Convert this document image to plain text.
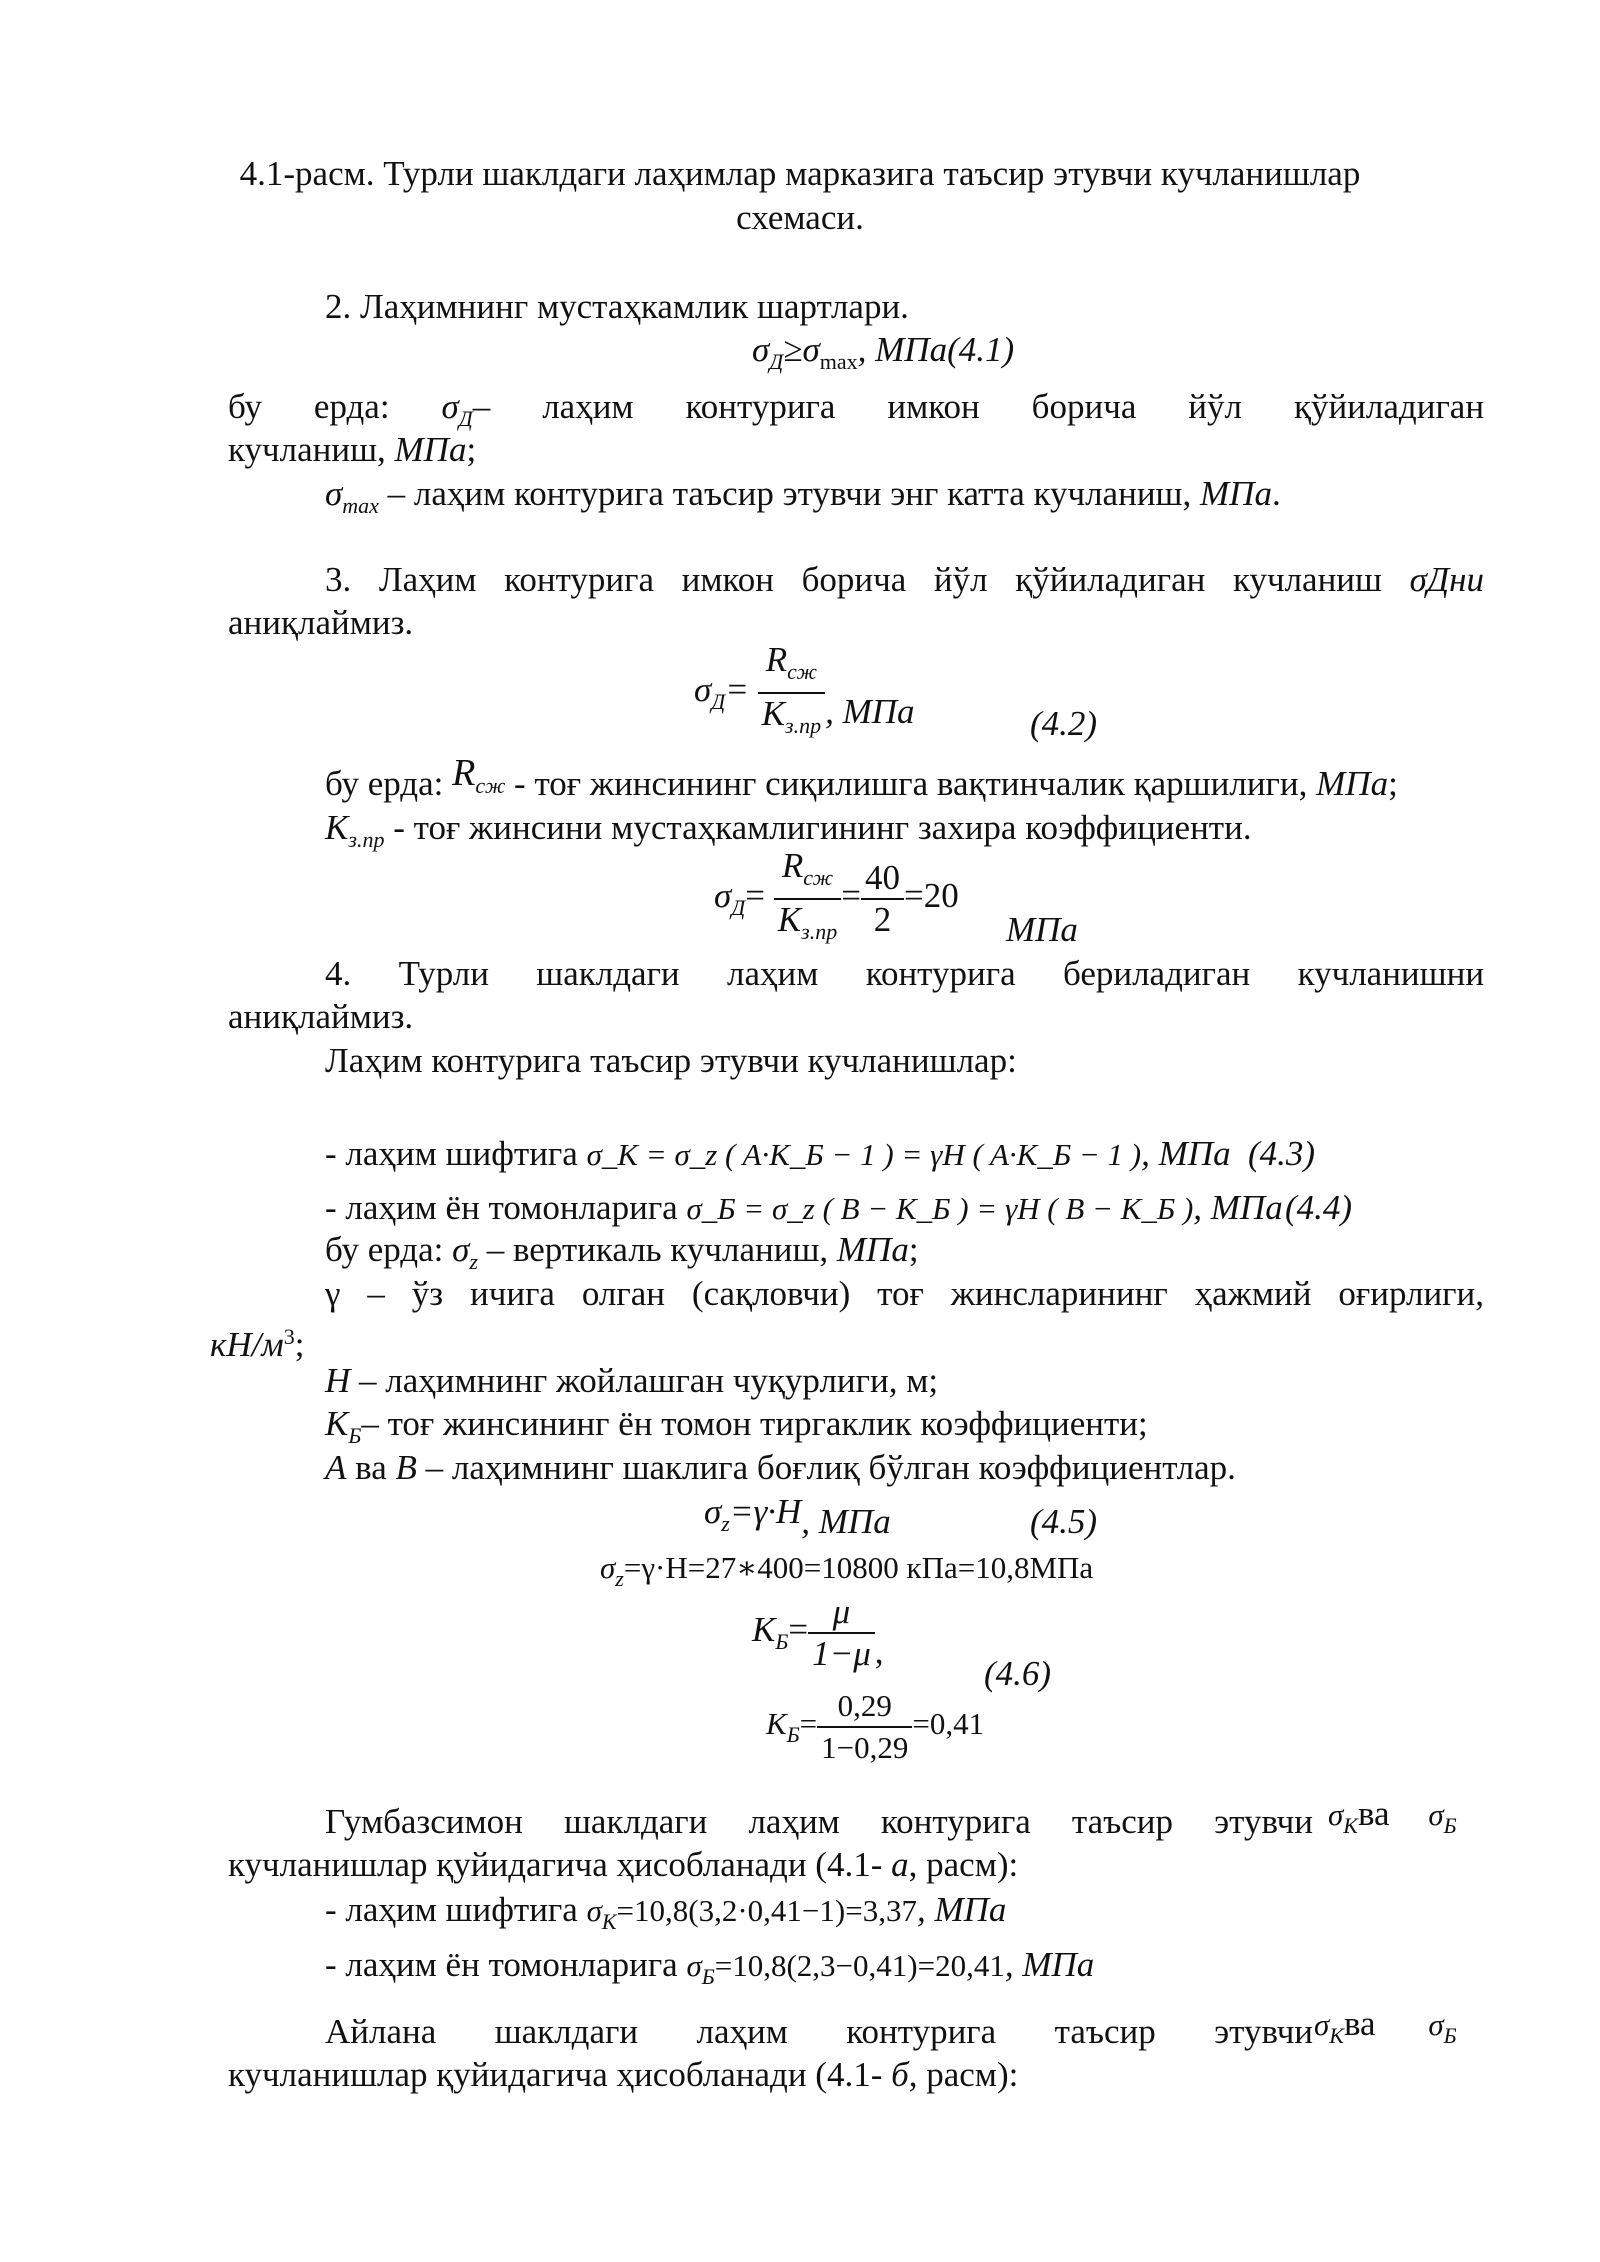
4.1-расм. Турли шаклдаги лаҳимлар марказига таъсир этувчи кучланишлар
схемаси.
2. Лаҳимнинг мустаҳкамлик шартлари.
$\sigma_Д\ge\sigma_{max}$, МПа(4.1)
бу ерда: $\sigma_Д-$ лаҳим контурига имкон борича йўл қўйиладиган
кучланиш, МПа;
$\sigma_{max}$ – лаҳим контурига таъсир этувчи энг катта кучланиш, МПа.
3. Лаҳим контурига имкон борича йўл қўйиладиган кучланиш σДни
аниқлаймиз.
$\sigma_Д= \frac{R_{сж}}{K_{з.пр}}$ , МПа	(4.2)
бу ерда: $R_{сж}$ - тоғ жинсининг сиқилишга вақтинчалик қаршилиги, МПа;
$K_{з.пр}$ - тоғ жинсини мустаҳкамлигининг захира коэффициенти.
$\sigma_Д= \frac{R_{сж}}{K_{з.пр}} = \frac{40}{2} =20$
МПа
4. Турли шаклдаги лаҳим контурига бериладиган кучланишни
аниқлаймиз.
Лаҳим контурига таъсир этувчи кучланишлар:
- лаҳим шифтига σ_K = σ_z ( A·K_Б − 1 ) = γH ( A·K_Б − 1 ), МПа (4.3)
- лаҳим ён томонларига σ_Б = σ_z ( B − K_Б ) = γH ( B − K_Б ), МПа (4.4)
бу ерда: $\sigma_z$ – вертикаль кучланиш, МПа;
γ – ўз ичига олган (сақловчи) тоғ жинсларининг ҳажмий оғирлиги,
$кН/м^3$;
H – лаҳимнинг жойлашган чуқурлиги, м;
$K_Б-$ тоғ жинсининг ён томон тиргаклик коэффициенти;
A ва B – лаҳимнинг шаклига боғлиқ бўлган коэффициентлар.
$\sigma_z=\gamma\cdot H$, МПа	(4.5)
$\sigma_z=\gamma\cdot H=27∗400=10800$ кПа=10,8МПа
$K_Б= \frac{\mu}{1-\mu}$ ,
(4.6)
$K_Б= \frac{0,29}{1-0,29} =0,41$
Гумбазсимон шаклдаги лаҳим контурига таъсир этувчи $\sigma_Kва$ $\sigma_Б$
кучланишлар қуйидагича ҳисобланади (4.1- а, расм):
- лаҳим шифтига $\sigma_K=10,8(3,2\cdot 0,41-1)=3,37$, МПа
- лаҳим ён томонларига $\sigma_Б=10,8(2,3-0,41)=20,41$, МПа
Айлана шаклдаги лаҳим контурига таъсир этувчи $\sigma_Kва$ $\sigma_Б$
кучланишлар қуйидагича ҳисобланади (4.1- б, расм):
